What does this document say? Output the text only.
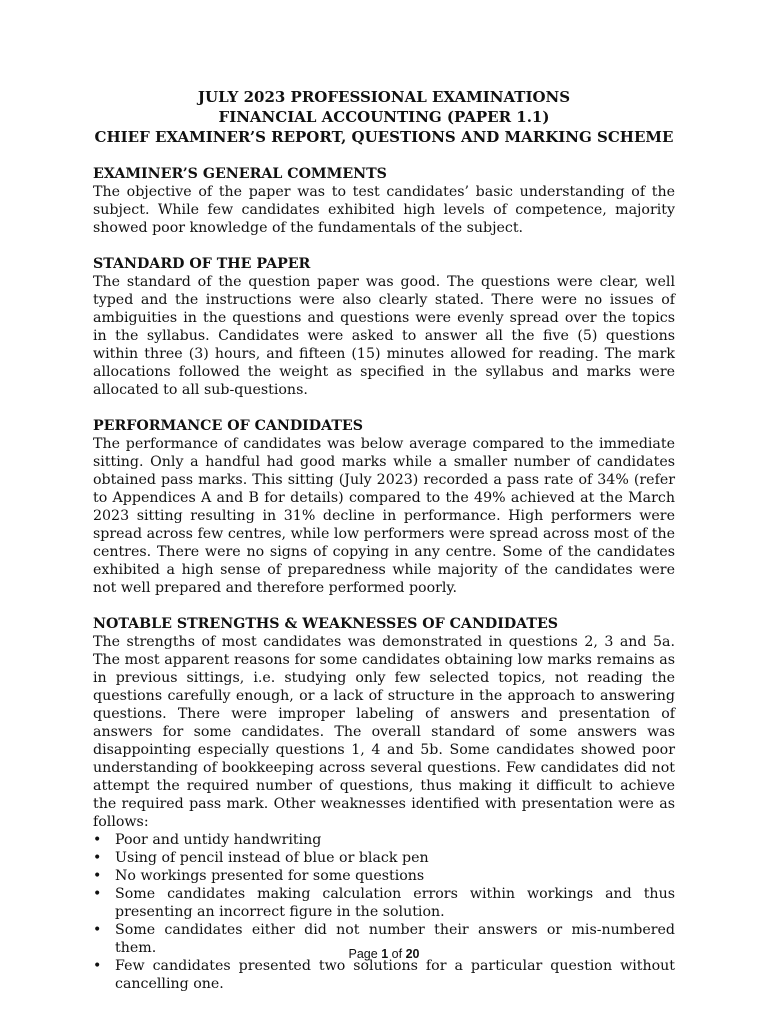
JULY 2023 PROFESSIONAL EXAMINATIONS
FINANCIAL ACCOUNTING (PAPER 1.1)
CHIEF EXAMINER’S REPORT, QUESTIONS AND MARKING SCHEME

EXAMINER’S GENERAL COMMENTS

The objective of the paper was to test candidates’ basic understanding of the subject. While few candidates exhibited high levels of competence, majority showed poor knowledge of the fundamentals of the subject.

STANDARD OF THE PAPER

The standard of the question paper was good. The questions were clear, well typed and the instructions were also clearly stated. There were no issues of ambiguities in the questions and questions were evenly spread over the topics in the syllabus. Candidates were asked to answer all the five (5) questions within three (3) hours, and fifteen (15) minutes allowed for reading. The mark allocations followed the weight as specified in the syllabus and marks were allocated to all sub-questions.

PERFORMANCE OF CANDIDATES

The performance of candidates was below average compared to the immediate sitting. Only a handful had good marks while a smaller number of candidates obtained pass marks. This sitting (July 2023) recorded a pass rate of 34% (refer to Appendices A and B for details) compared to the 49% achieved at the March 2023 sitting resulting in 31% decline in performance. High performers were spread across few centres, while low performers were spread across most of the centres. There were no signs of copying in any centre. Some of the candidates exhibited a high sense of preparedness while majority of the candidates were not well prepared and therefore performed poorly.

NOTABLE STRENGTHS & WEAKNESSES OF CANDIDATES

The strengths of most candidates was demonstrated in questions 2, 3 and 5a. The most apparent reasons for some candidates obtaining low marks remains as in previous sittings, i.e. studying only few selected topics, not reading the questions carefully enough, or a lack of structure in the approach to answering questions. There were improper labeling of answers and presentation of answers for some candidates. The overall standard of some answers was disappointing especially questions 1, 4 and 5b. Some candidates showed poor understanding of bookkeeping across several questions. Few candidates did not attempt the required number of questions, thus making it difficult to achieve the required pass mark. Other weaknesses identified with presentation were as follows:

• Poor and untidy handwriting
• Using of pencil instead of blue or black pen
• No workings presented for some questions
• Some candidates making calculation errors within workings and thus presenting an incorrect figure in the solution.
• Some candidates either did not number their answers or mis-numbered them.
• Few candidates presented two solutions for a particular question without cancelling one.
Page 1 of 20
